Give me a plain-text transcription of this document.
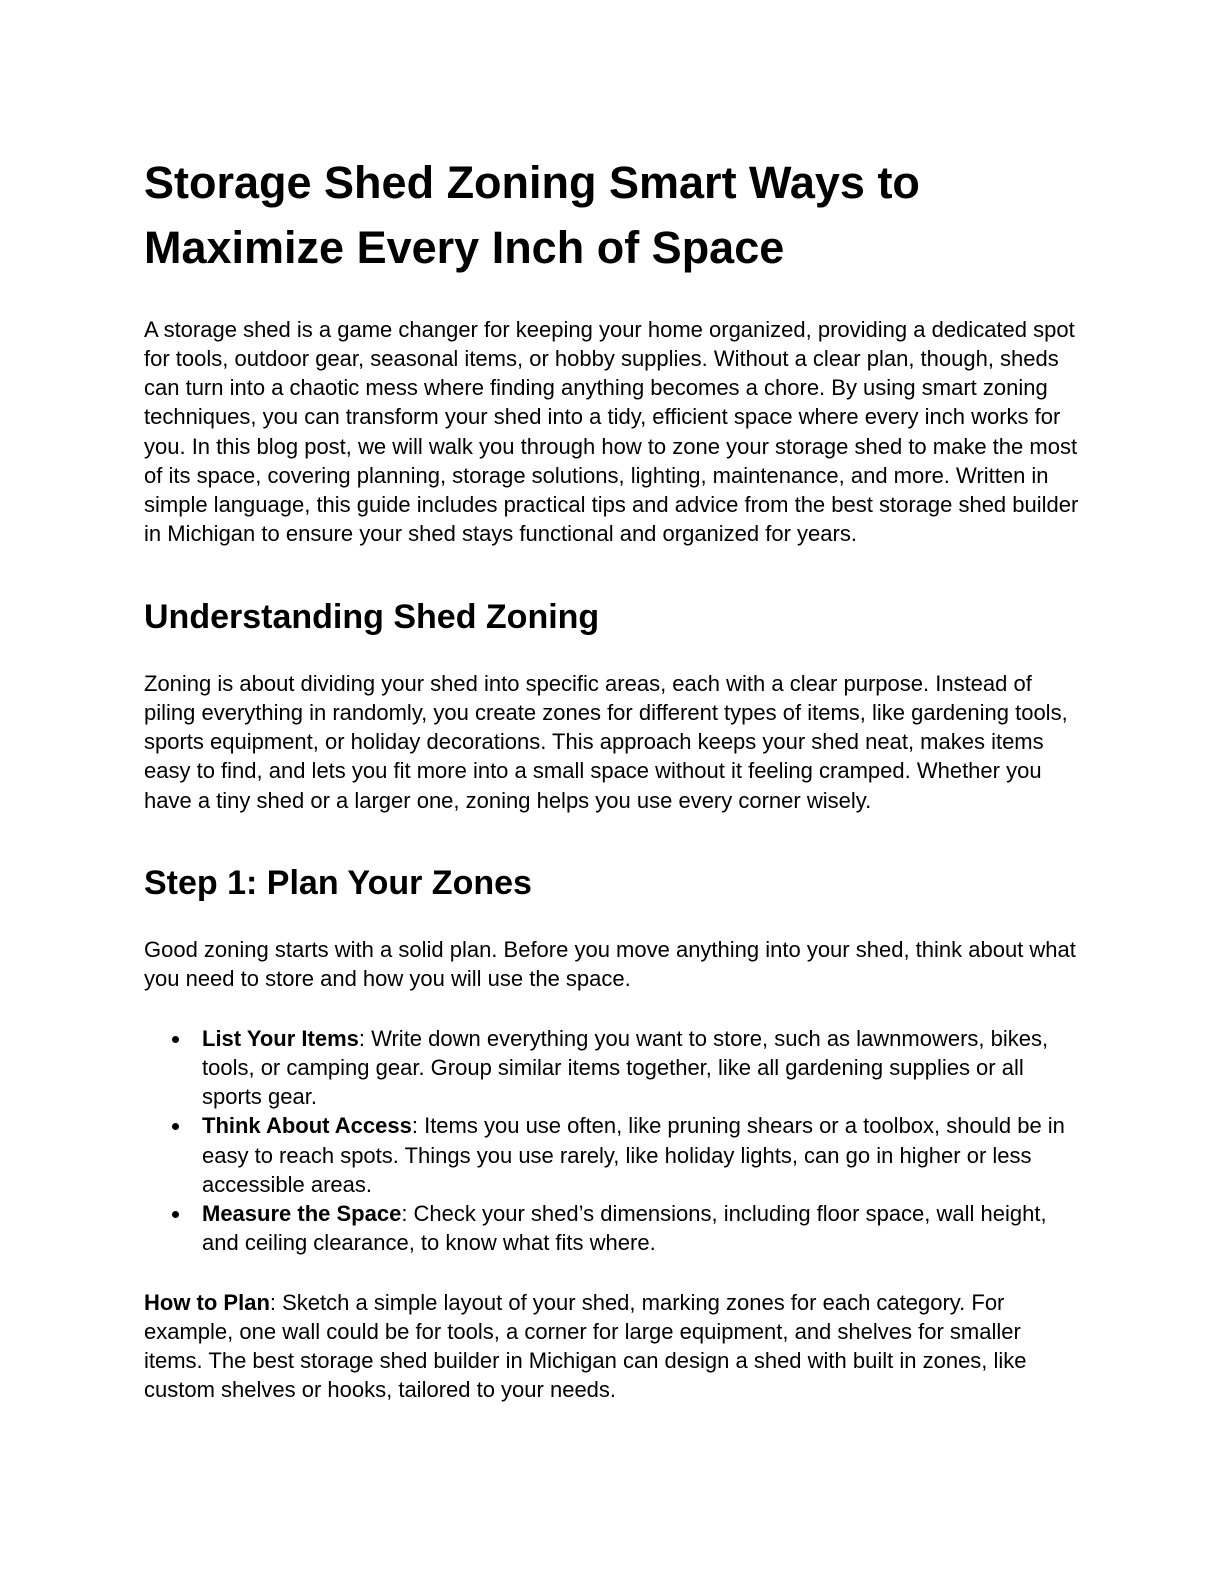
Storage Shed Zoning Smart Ways to Maximize Every Inch of Space

A storage shed is a game changer for keeping your home organized, providing a dedicated spot for tools, outdoor gear, seasonal items, or hobby supplies. Without a clear plan, though, sheds can turn into a chaotic mess where finding anything becomes a chore. By using smart zoning techniques, you can transform your shed into a tidy, efficient space where every inch works for you. In this blog post, we will walk you through how to zone your storage shed to make the most of its space, covering planning, storage solutions, lighting, maintenance, and more. Written in simple language, this guide includes practical tips and advice from the best storage shed builder in Michigan to ensure your shed stays functional and organized for years.

Understanding Shed Zoning

Zoning is about dividing your shed into specific areas, each with a clear purpose. Instead of piling everything in randomly, you create zones for different types of items, like gardening tools, sports equipment, or holiday decorations. This approach keeps your shed neat, makes items easy to find, and lets you fit more into a small space without it feeling cramped. Whether you have a tiny shed or a larger one, zoning helps you use every corner wisely.

Step 1: Plan Your Zones

Good zoning starts with a solid plan. Before you move anything into your shed, think about what you need to store and how you will use the space.

• List Your Items: Write down everything you want to store, such as lawnmowers, bikes, tools, or camping gear. Group similar items together, like all gardening supplies or all sports gear.
• Think About Access: Items you use often, like pruning shears or a toolbox, should be in easy to reach spots. Things you use rarely, like holiday lights, can go in higher or less accessible areas.
• Measure the Space: Check your shed’s dimensions, including floor space, wall height, and ceiling clearance, to know what fits where.

How to Plan: Sketch a simple layout of your shed, marking zones for each category. For example, one wall could be for tools, a corner for large equipment, and shelves for smaller items. The best storage shed builder in Michigan can design a shed with built in zones, like custom shelves or hooks, tailored to your needs.
